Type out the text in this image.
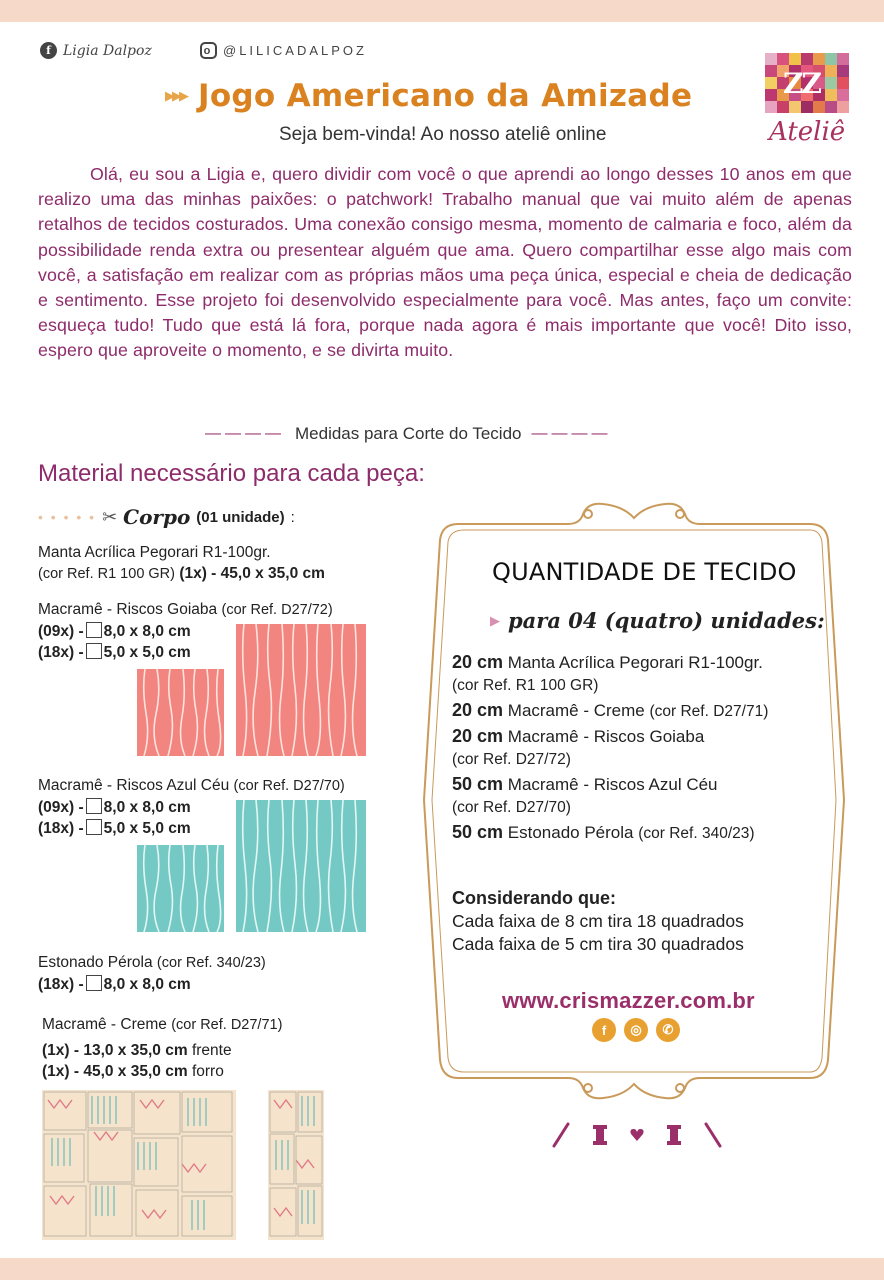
f Ligia Dalpoz	o @LILICADALPOZ
ZZ
Ateliê
▶▶▶ Jogo Americano da Amizade
Seja bem-vinda! Ao nosso ateliê online

Olá, eu sou a Ligia e, quero dividir com você o que aprendi ao longo desses 10 anos em que realizo uma das minhas paixões: o patchwork! Trabalho manual que vai muito além de apenas retalhos de tecidos costurados. Uma conexão consigo mesma, momento de calmaria e foco, além da possibilidade renda extra ou presentear alguém que ama. Quero compartilhar esse algo mais com você, a satisfação em realizar com as próprias mãos uma peça única, especial e cheia de dedicação e sentimento. Esse projeto foi desenvolvido especialmente para você. Mas antes, faço um convite: esqueça tudo! Tudo que está lá fora, porque nada agora é mais importante que você! Dito isso, espero que aproveite o momento, e se divirta muito.

———— Medidas para Corte do Tecido ————
Material necessário para cada peça:
• • • • • ✂ Corpo (01 unidade) :
Manta Acrílica Pegorari R1-100gr.
(cor Ref. R1 100 GR) (1x) - 45,0 x 35,0 cm
Macramê - Riscos Goiaba (cor Ref. D27/72)
(09x) - 8,0 x 8,0 cm
(18x) - 5,0 x 5,0 cm
Macramê - Riscos Azul Céu (cor Ref. D27/70)
(09x) - 8,0 x 8,0 cm
(18x) - 5,0 x 5,0 cm
Estonado Pérola (cor Ref. 340/23)
(18x) - 8,0 x 8,0 cm
Macramê - Creme (cor Ref. D27/71)
(1x) - 13,0 x 35,0 cm frente
(1x) - 45,0 x 35,0 cm forro
QUANTIDADE DE TECIDO
▶ para 04 (quatro) unidades:
20 cm Manta Acrílica Pegorari R1-100gr.
(cor Ref. R1 100 GR)
20 cm Macramê - Creme (cor Ref. D27/71)
20 cm Macramê - Riscos Goiaba
(cor Ref. D27/72)
50 cm Macramê - Riscos Azul Céu
(cor Ref. D27/70)
50 cm Estonado Pérola (cor Ref. 340/23)
Considerando que:
Cada faixa de 8 cm tira 18 quadrados
Cada faixa de 5 cm tira 30 quadrados
www.crismazzer.com.br
f	◎	✆
